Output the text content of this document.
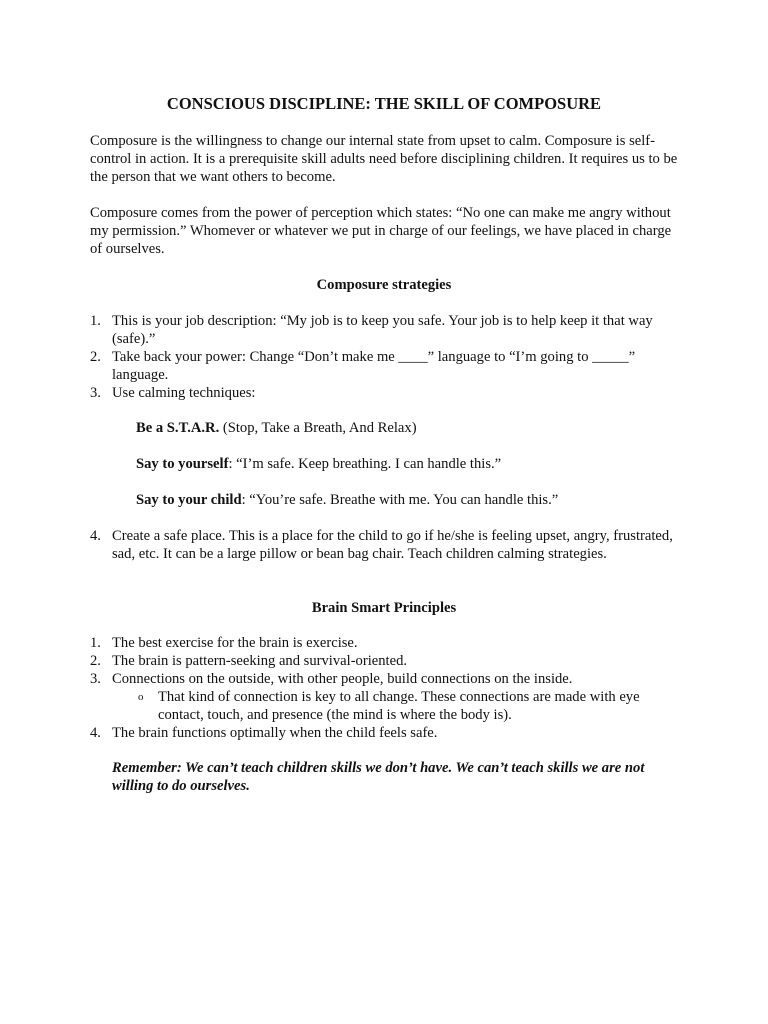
CONSCIOUS DISCIPLINE: THE SKILL OF COMPOSURE

Composure is the willingness to change our internal state from upset to calm. Composure is self-control in action. It is a prerequisite skill adults need before disciplining children. It requires us to be the person that we want others to become.

Composure comes from the power of perception which states: “No one can make me angry without my permission.” Whomever or whatever we put in charge of our feelings, we have placed in charge of ourselves.

Composure strategies

1. This is your job description: “My job is to keep you safe. Your job is to help keep it that way (safe).”
2. Take back your power: Change “Don’t make me ____” language to “I’m going to _____” language.
3. Use calming techniques:

Be a S.T.A.R. (Stop, Take a Breath, And Relax)

Say to yourself: “I’m safe. Keep breathing. I can handle this.”

Say to your child: “You’re safe. Breathe with me. You can handle this.”

4. Create a safe place. This is a place for the child to go if he/she is feeling upset, angry, frustrated, sad, etc. It can be a large pillow or bean bag chair. Teach children calming strategies.

Brain Smart Principles

1. The best exercise for the brain is exercise.
2. The brain is pattern-seeking and survival-oriented.
3. Connections on the outside, with other people, build connections on the inside.
o That kind of connection is key to all change. These connections are made with eye contact, touch, and presence (the mind is where the body is).
4. The brain functions optimally when the child feels safe.

Remember: We can’t teach children skills we don’t have. We can’t teach skills we are not willing to do ourselves.
